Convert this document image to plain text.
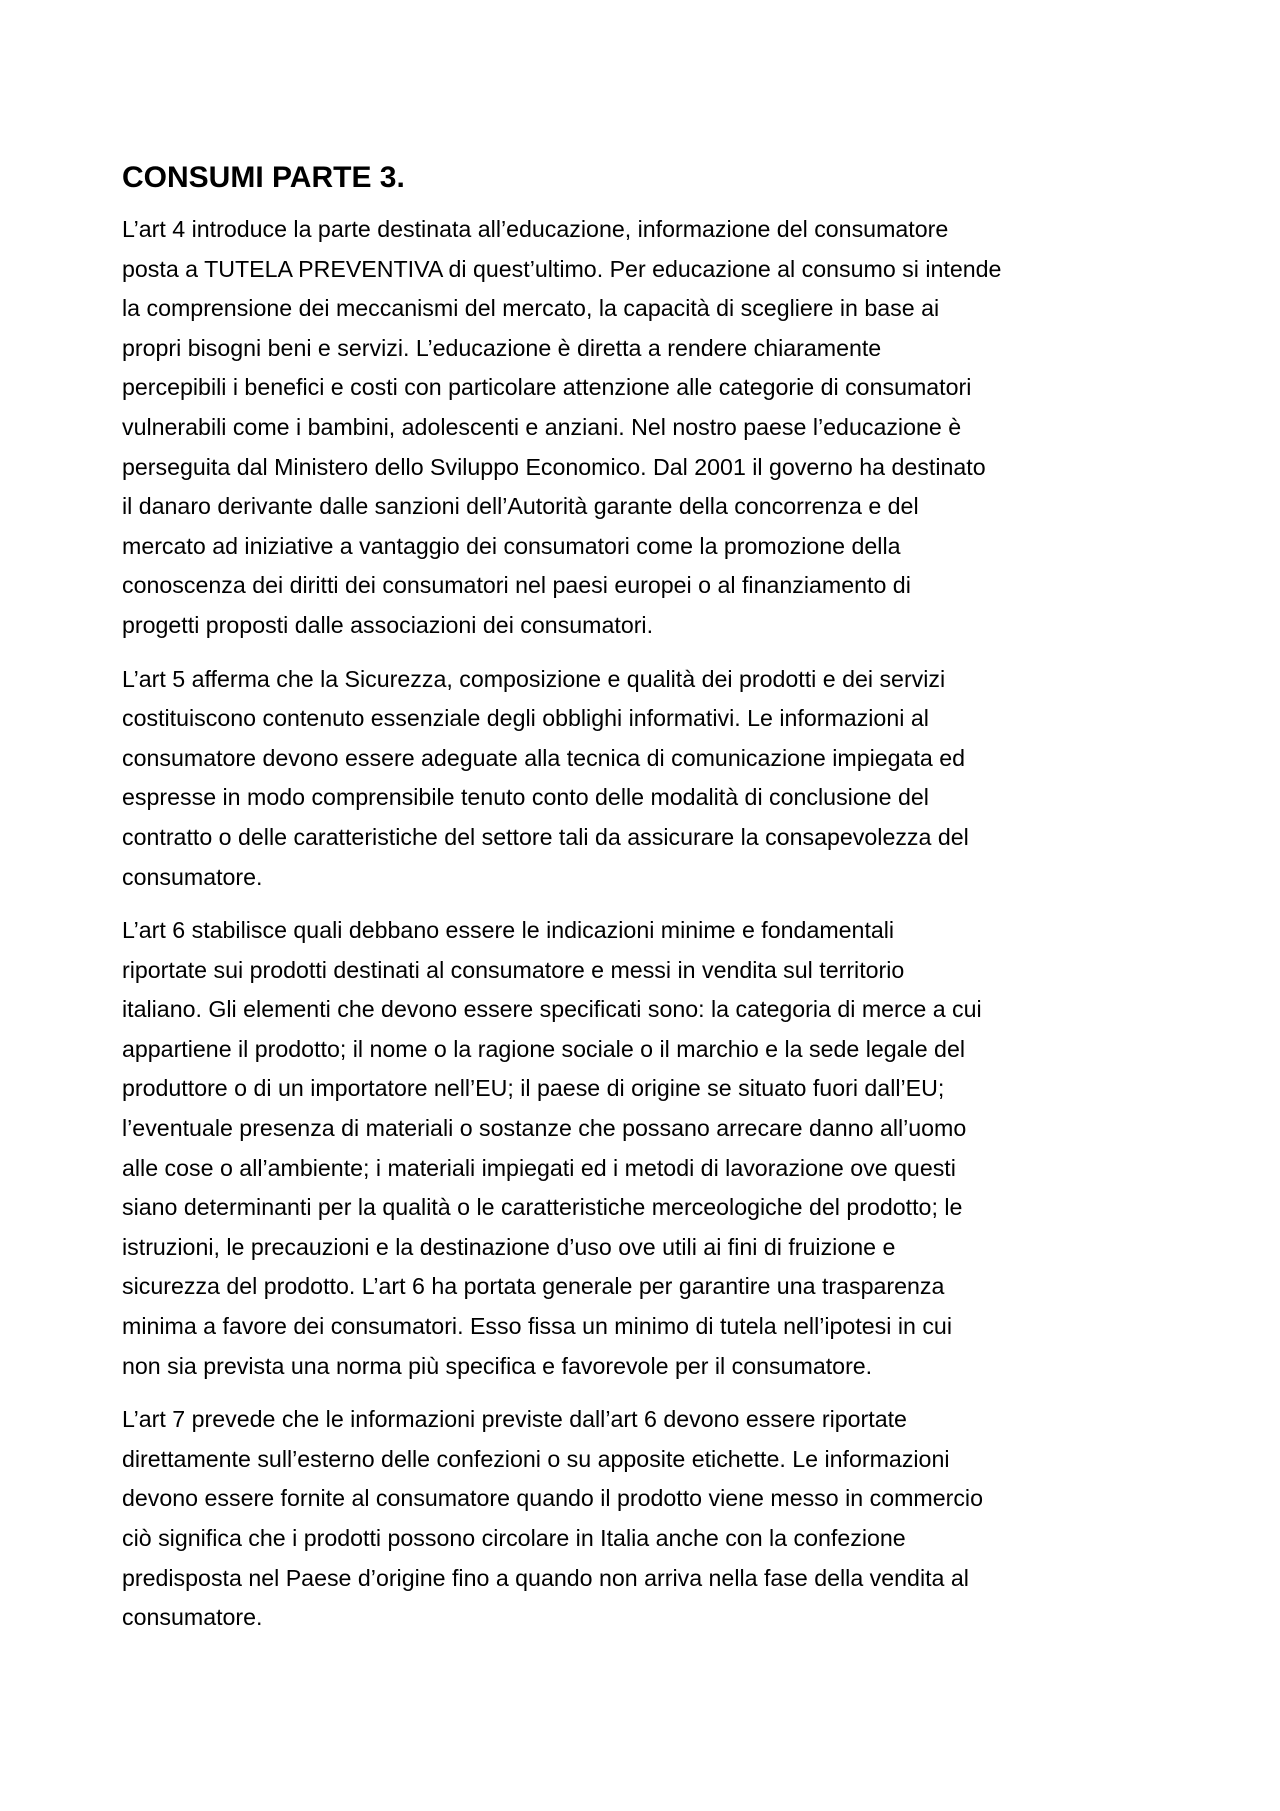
CONSUMI PARTE 3.

L’art 4 introduce la parte destinata all’educazione, informazione del consumatore
posta a TUTELA PREVENTIVA di quest’ultimo. Per educazione al consumo si intende
la comprensione dei meccanismi del mercato, la capacità di scegliere in base ai
propri bisogni beni e servizi. L’educazione è diretta a rendere chiaramente
percepibili i benefici e costi con particolare attenzione alle categorie di consumatori
vulnerabili come i bambini, adolescenti e anziani. Nel nostro paese l’educazione è
perseguita dal Ministero dello Sviluppo Economico. Dal 2001 il governo ha destinato
il danaro derivante dalle sanzioni dell’Autorità garante della concorrenza e del
mercato ad iniziative a vantaggio dei consumatori come la promozione della
conoscenza dei diritti dei consumatori nel paesi europei o al finanziamento di
progetti proposti dalle associazioni dei consumatori.

L’art 5 afferma che la Sicurezza, composizione e qualità dei prodotti e dei servizi
costituiscono contenuto essenziale degli obblighi informativi. Le informazioni al
consumatore devono essere adeguate alla tecnica di comunicazione impiegata ed
espresse in modo comprensibile tenuto conto delle modalità di conclusione del
contratto o delle caratteristiche del settore tali da assicurare la consapevolezza del
consumatore.

L’art 6 stabilisce quali debbano essere le indicazioni minime e fondamentali
riportate sui prodotti destinati al consumatore e messi in vendita sul territorio
italiano. Gli elementi che devono essere specificati sono: la categoria di merce a cui
appartiene il prodotto; il nome o la ragione sociale o il marchio e la sede legale del
produttore o di un importatore nell’EU; il paese di origine se situato fuori dall’EU;
l’eventuale presenza di materiali o sostanze che possano arrecare danno all’uomo
alle cose o all’ambiente; i materiali impiegati ed i metodi di lavorazione ove questi
siano determinanti per la qualità o le caratteristiche merceologiche del prodotto; le
istruzioni, le precauzioni e la destinazione d’uso ove utili ai fini di fruizione e
sicurezza del prodotto. L’art 6 ha portata generale per garantire una trasparenza
minima a favore dei consumatori. Esso fissa un minimo di tutela nell’ipotesi in cui
non sia prevista una norma più specifica e favorevole per il consumatore.

L’art 7 prevede che le informazioni previste dall’art 6 devono essere riportate
direttamente sull’esterno delle confezioni o su apposite etichette. Le informazioni
devono essere fornite al consumatore quando il prodotto viene messo in commercio
ciò significa che i prodotti possono circolare in Italia anche con la confezione
predisposta nel Paese d’origine fino a quando non arriva nella fase della vendita al
consumatore.
